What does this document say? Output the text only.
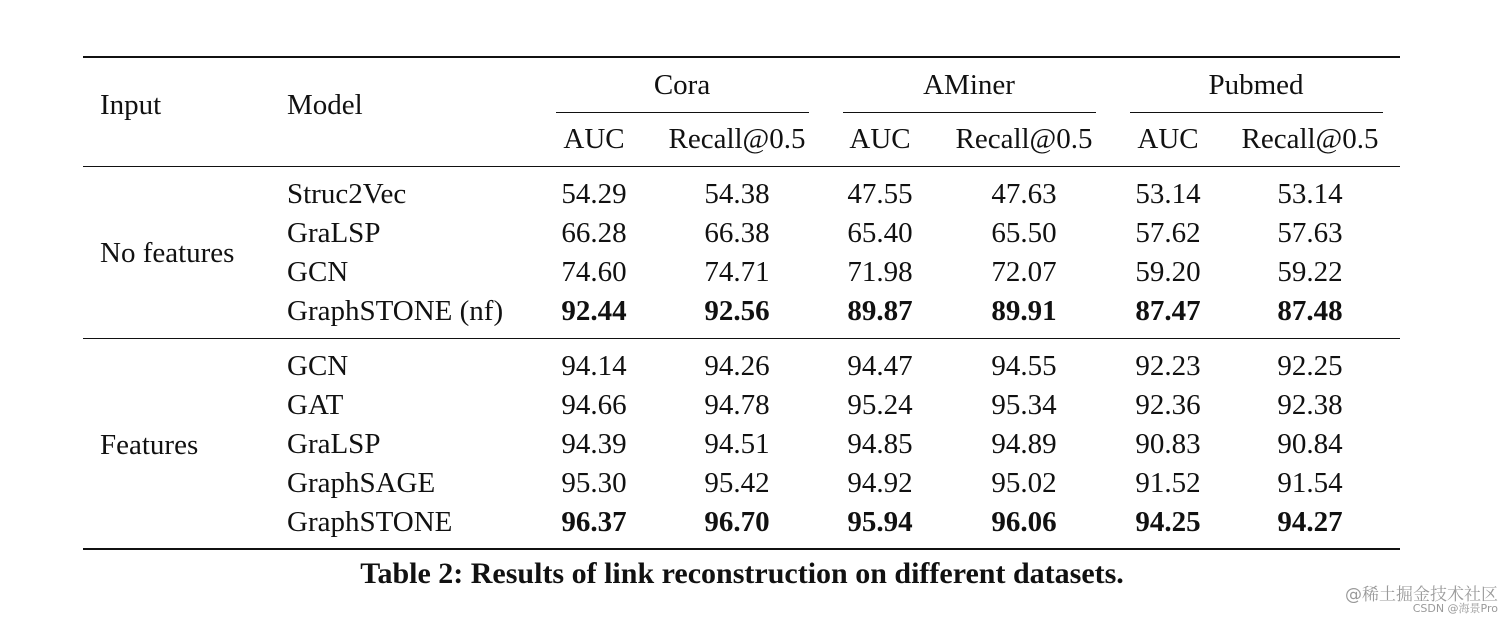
Input	Model
Cora	AMiner	Pubmed
AUC Recall@0.5 AUC Recall@0.5 AUC Recall@0.5
No features
Struc2Vec	54.29	54.38	47.55	47.63	53.14	53.14
GraLSP	66.28	66.38	65.40	65.50	57.62	57.63
GCN	74.60	74.71	71.98	72.07	59.20	59.22
GraphSTONE (nf) 92.44	92.56	89.87	89.91	87.47	87.48
Features
GCN	94.14	94.26	94.47	94.55	92.23	92.25
GAT	94.66	94.78	95.24	95.34	92.36	92.38
GraLSP	94.39	94.51	94.85	94.89	90.83	90.84
GraphSAGE	95.30	95.42	94.92	95.02	91.52	91.54
GraphSTONE	96.37	96.70	95.94	96.06	94.25	94.27
Table 2: Results of link reconstruction on different datasets.
@稀土掘金技术社区
CSDN @海景Pro
